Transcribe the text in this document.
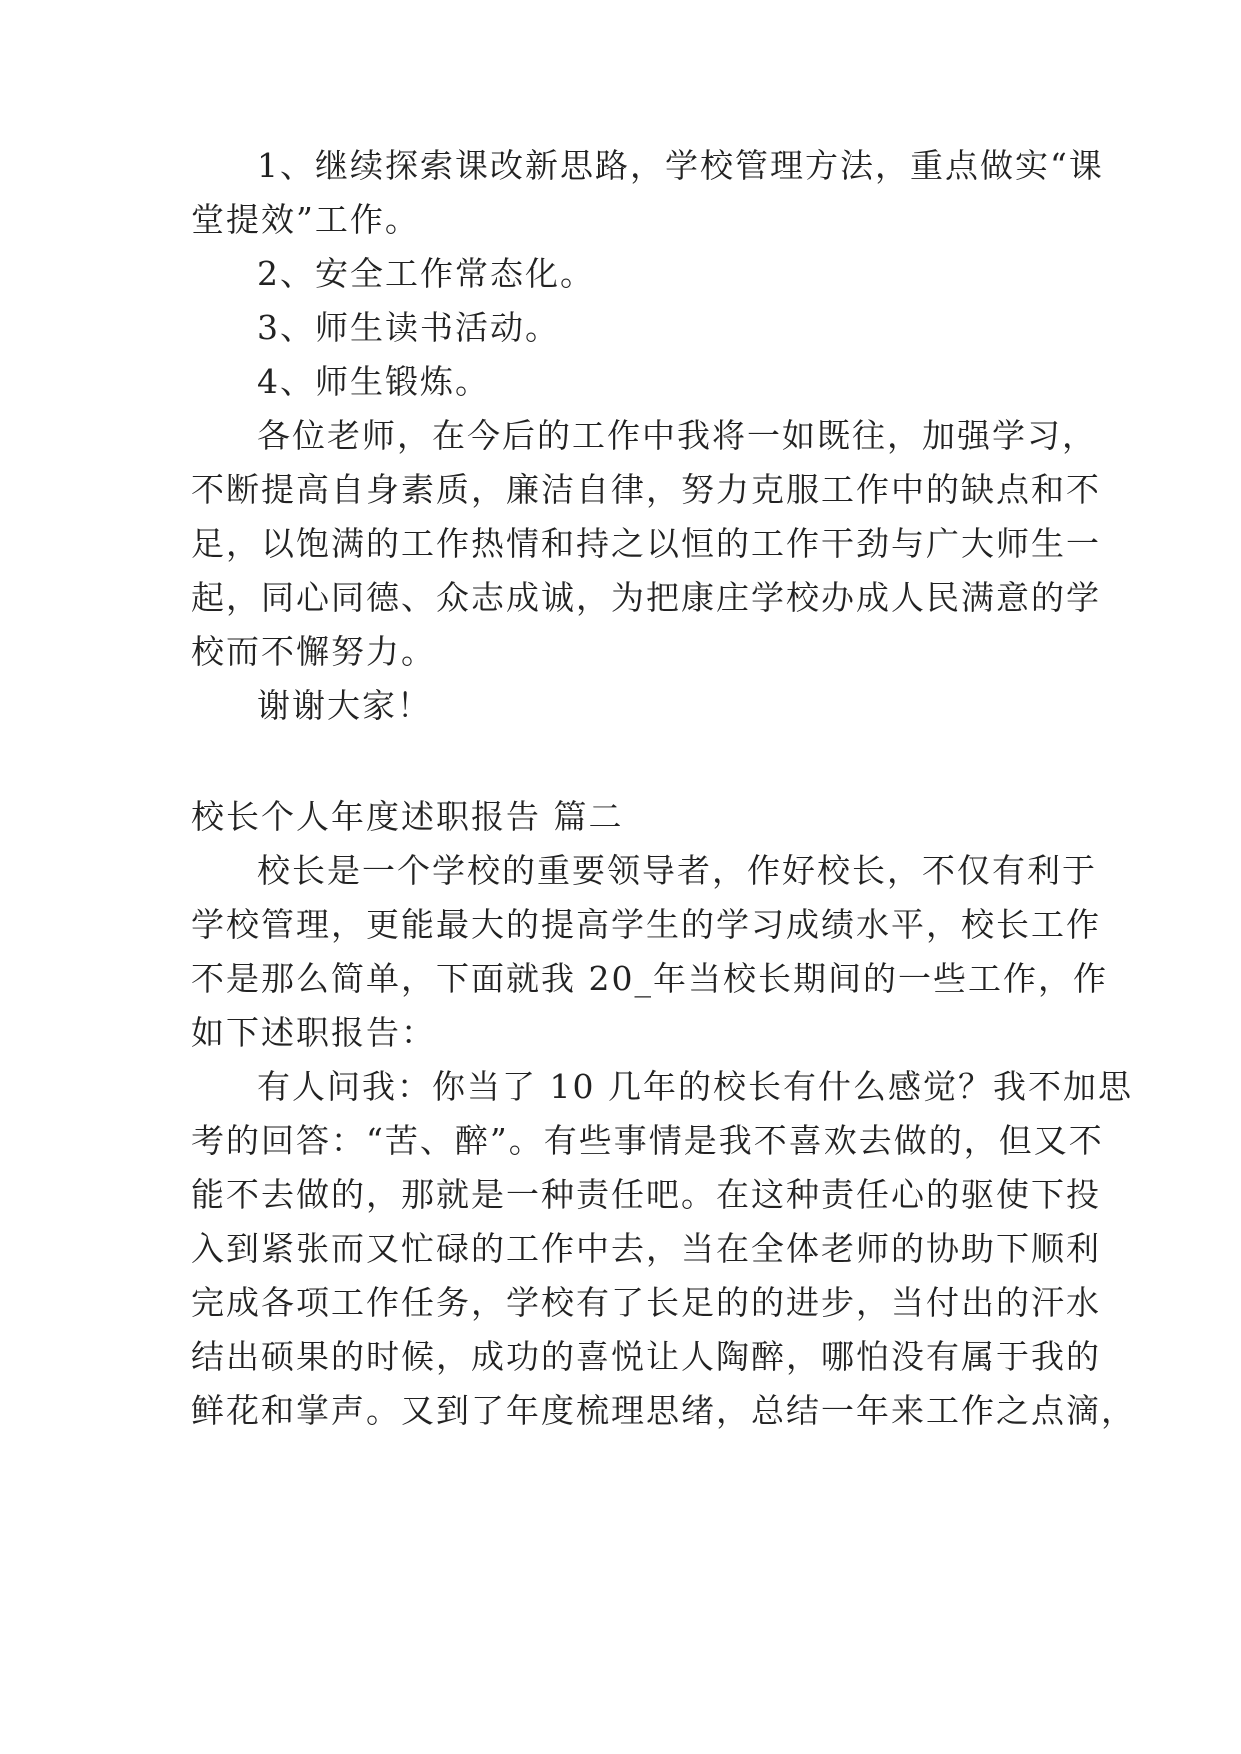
1、继续探索课改新思路，学校管理方法，重点做实“课
堂提效”工作。
2、安全工作常态化。
3、师生读书活动。
4、师生锻炼。
各位老师，在今后的工作中我将一如既往，加强学习，
不断提高自身素质，廉洁自律，努力克服工作中的缺点和不
足，以饱满的工作热情和持之以恒的工作干劲与广大师生一
起，同心同德、众志成诚，为把康庄学校办成人民满意的学
校而不懈努力。
谢谢大家！
校长个人年度述职报告 篇二
校长是一个学校的重要领导者，作好校长，不仅有利于
学校管理，更能最大的提高学生的学习成绩水平，校长工作
不是那么简单，下面就我 20_年当校长期间的一些工作，作
如下述职报告：
有人问我：你当了 10 几年的校长有什么感觉？我不加思
考的回答：“苦、醉”。有些事情是我不喜欢去做的，但又不
能不去做的，那就是一种责任吧。在这种责任心的驱使下投
入到紧张而又忙碌的工作中去，当在全体老师的协助下顺利
完成各项工作任务，学校有了长足的的进步，当付出的汗水
结出硕果的时候，成功的喜悦让人陶醉，哪怕没有属于我的
鲜花和掌声。又到了年度梳理思绪，总结一年来工作之点滴，
